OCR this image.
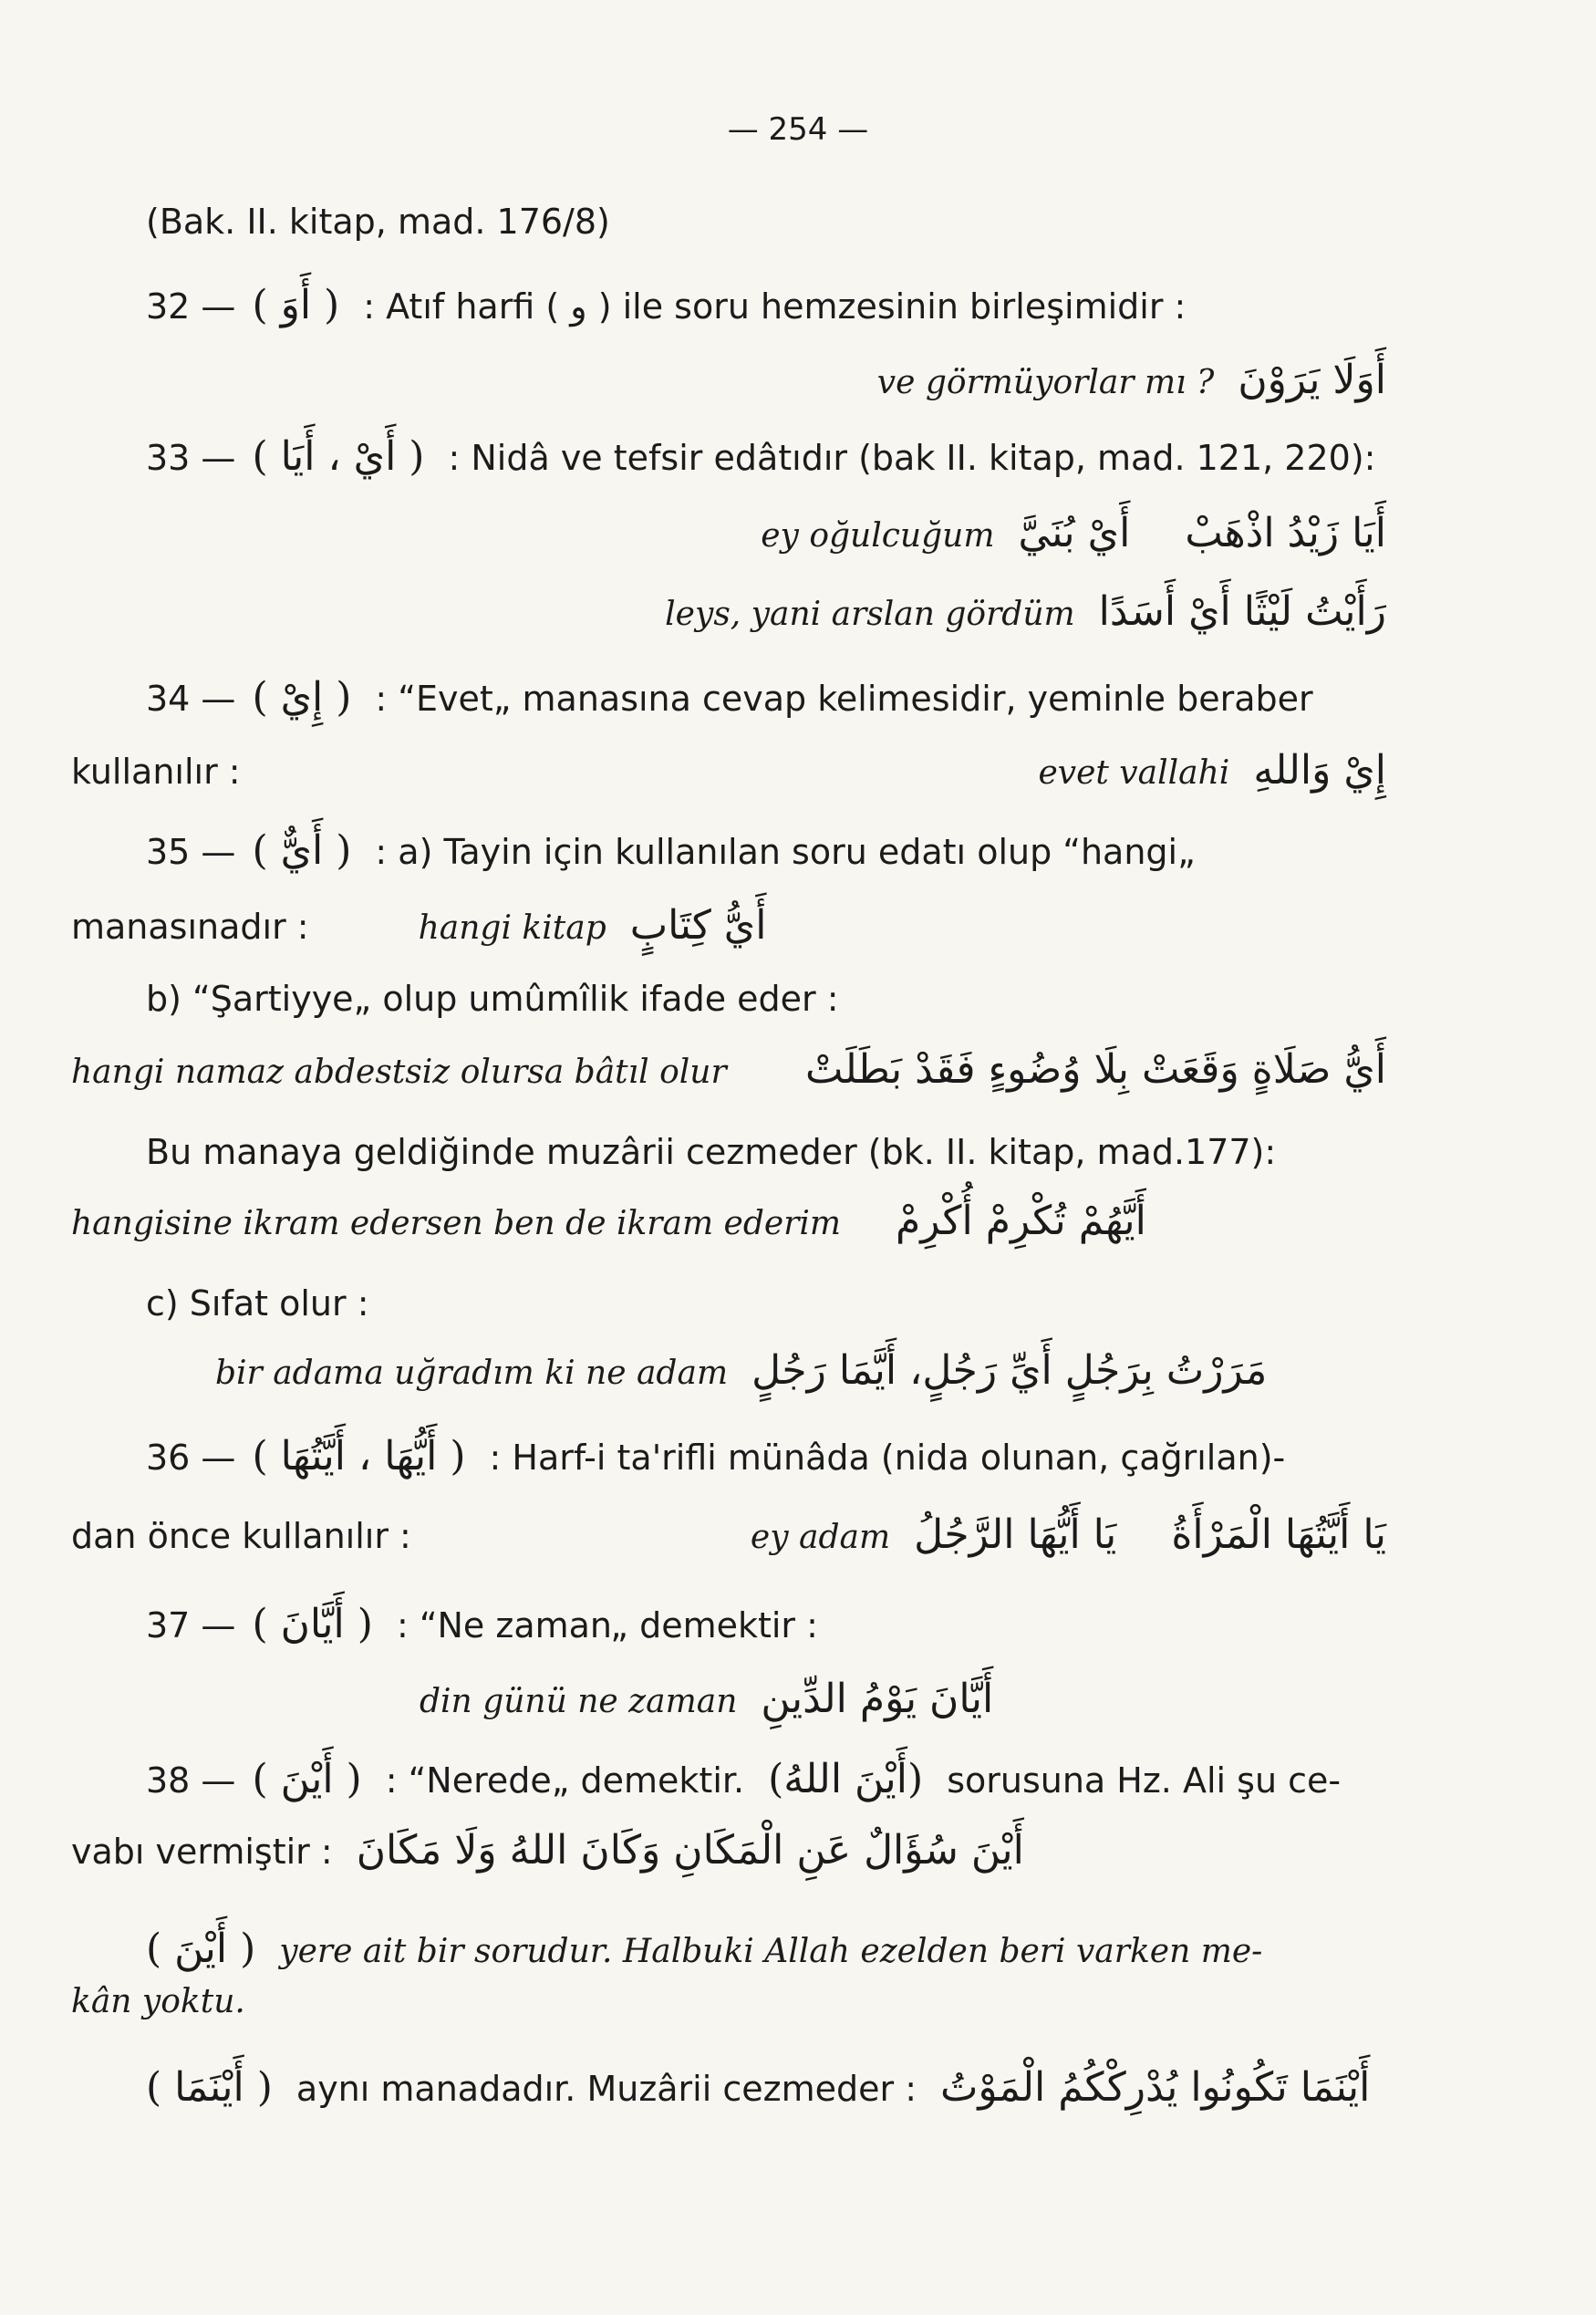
— 254 —
(Bak. II. kitap, mad. 176/8)
32 — ( أَوَ ) : Atıf harfi ( و ) ile soru hemzesinin birleşimidir :
ve görmüyorlar mı ? أَوَلَا يَرَوْنَ
33 — ( أَيْ ، أَيَا ) : Nidâ ve tefsir edâtıdır (bak II. kitap, mad. 121, 220):
ey oğulcuğum أَيْ بُنَيَّ أَيَا زَيْدُ اذْهَبْ
leys, yani arslan gördüm رَأَيْتُ لَيْثًا أَيْ أَسَدًا
34 — ( إِيْ ) : “Evet„ manasına cevap kelimesidir, yeminle beraber
kullanılır :	evet vallahi إِيْ وَاللهِ
35 — ( أَيٌّ ) : a) Tayin için kullanılan soru edatı olup “hangi„
manasınadır :	hangi kitap أَيُّ كِتَابٍ
b) “Şartiyye„ olup umûmîlik ifade eder :
hangi namaz abdestsiz olursa bâtıl olur أَيُّ صَلَاةٍ وَقَعَتْ بِلَا وُضُوءٍ فَقَدْ بَطَلَتْ
Bu manaya geldiğinde muzârii cezmeder (bk. II. kitap, mad.177):
hangisine ikram edersen ben de ikram ederim أَيَّهُمْ تُكْرِمْ أُكْرِمْ
c) Sıfat olur :
bir adama uğradım ki ne adam مَرَرْتُ بِرَجُلٍ أَيِّ رَجُلٍ، أَيَّمَا رَجُلٍ
36 — ( أَيُّهَا ، أَيَّتُهَا ) : Harf-i ta'rifli münâda (nida olunan, çağrılan)-
dan önce kullanılır :	ey adam يَا أَيُّهَا الرَّجُلُ يَا أَيَّتُهَا الْمَرْأَةُ
37 — ( أَيَّانَ ) : “Ne zaman„ demektir :
din günü ne zaman أَيَّانَ يَوْمُ الدِّينِ
38 — ( أَيْنَ ) : “Nerede„ demektir. (أَيْنَ اللهُ) sorusuna Hz. Ali şu ce-
vabı vermiştir : أَيْنَ سُؤَالٌ عَنِ الْمَكَانِ وَكَانَ اللهُ وَلَا مَكَانَ
( أَيْنَ ) yere ait bir sorudur. Halbuki Allah ezelden beri varken me-
kân yoktu.
( أَيْنَمَا ) aynı manadadır. Muzârii cezmeder : أَيْنَمَا تَكُونُوا يُدْرِكْكُمُ الْمَوْتُ
